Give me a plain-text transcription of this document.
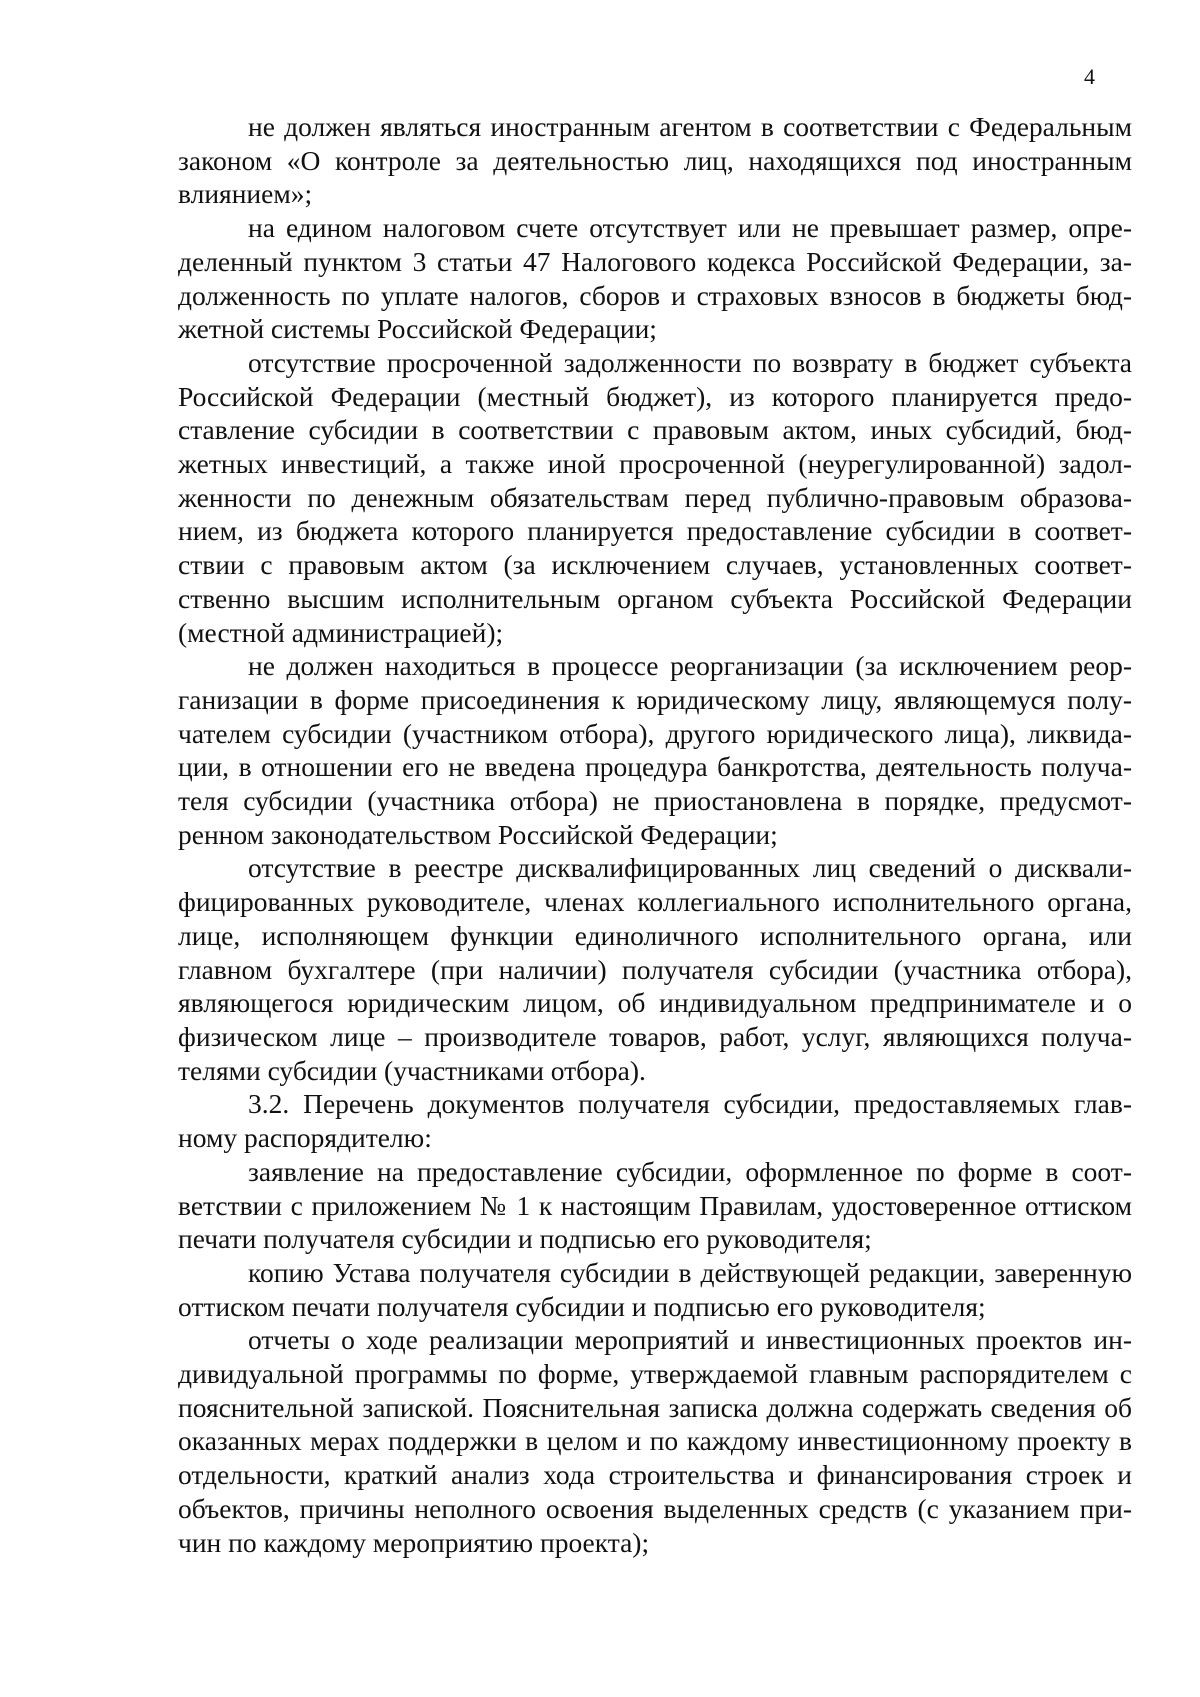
4

не должен являться иностранным агентом в соответствии с Федеральным законом «О контроле за деятельностью лиц, находящихся под иностранным влиянием»;

на едином налоговом счете отсутствует или не превышает размер, определенный пунктом 3 статьи 47 Налогового кодекса Российской Федерации, задолженность по уплате налогов, сборов и страховых взносов в бюджеты бюджетной системы Российской Федерации;

отсутствие просроченной задолженности по возврату в бюджет субъекта Российской Федерации (местный бюджет), из которого планируется предоставление субсидии в соответствии с правовым актом, иных субсидий, бюджетных инвестиций, а также иной просроченной (неурегулированной) задолженности по денежным обязательствам перед публично-правовым образованием, из бюджета которого планируется предоставление субсидии в соответствии с правовым актом (за исключением случаев, установленных соответственно высшим исполнительным органом субъекта Российской Федерации (местной администрацией);

не должен находиться в процессе реорганизации (за исключением реорганизации в форме присоединения к юридическому лицу, являющемуся получателем субсидии (участником отбора), другого юридического лица), ликвидации, в отношении его не введена процедура банкротства, деятельность получателя субсидии (участника отбора) не приостановлена в порядке, предусмотренном законодательством Российской Федерации;

отсутствие в реестре дисквалифицированных лиц сведений о дисквалифицированных руководителе, членах коллегиального исполнительного органа, лице, исполняющем функции единоличного исполнительного органа, или главном бухгалтере (при наличии) получателя субсидии (участника отбора), являющегося юридическим лицом, об индивидуальном предпринимателе и о физическом лице – производителе товаров, работ, услуг, являющихся получателями субсидии (участниками отбора).

3.2. Перечень документов получателя субсидии, предоставляемых главному распорядителю:

заявление на предоставление субсидии, оформленное по форме в соответствии с приложением № 1 к настоящим Правилам, удостоверенное оттиском печати получателя субсидии и подписью его руководителя;

копию Устава получателя субсидии в действующей редакции, заверенную оттиском печати получателя субсидии и подписью его руководителя;

отчеты о ходе реализации мероприятий и инвестиционных проектов индивидуальной программы по форме, утверждаемой главным распорядителем с пояснительной запиской. Пояснительная записка должна содержать сведения об оказанных мерах поддержки в целом и по каждому инвестиционному проекту в отдельности, краткий анализ хода строительства и финансирования строек и объектов, причины неполного освоения выделенных средств (с указанием причин по каждому мероприятию проекта);
